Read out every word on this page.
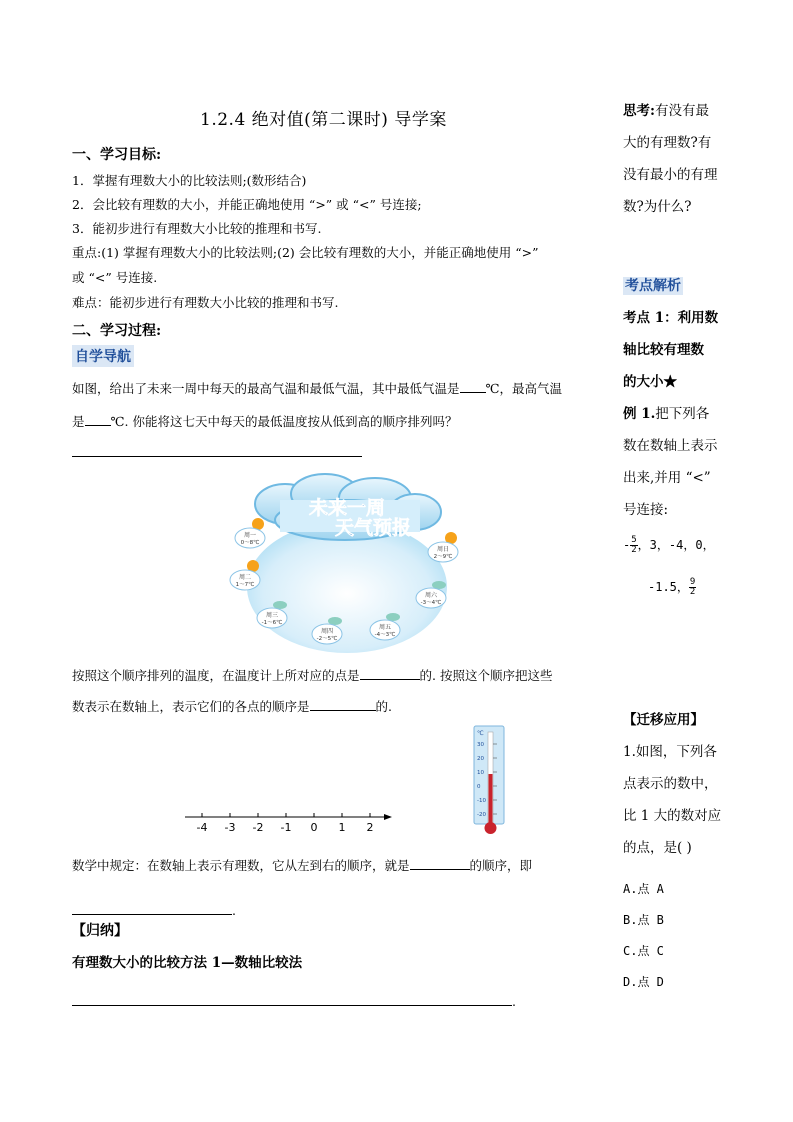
1.2.4 绝对值(第二课时) 导学案
一、学习目标:
1．掌握有理数大小的比较法则;(数形结合)
2．会比较有理数的大小，并能正确地使用 “>” 或 “<” 号连接;
3．能初步进行有理数大小比较的推理和书写.
重点:(1) 掌握有理数大小的比较法则;(2) 会比较有理数的大小，并能正确地使用 “>”
或 “<” 号连接.
难点：能初步进行有理数大小比较的推理和书写.
二、学习过程:
自学导航
如图，给出了未来一周中每天的最高气温和最低气温，其中最低气温是 ℃，最高气温
是 ℃. 你能将这七天中每天的最低温度按从低到高的顺序排列吗？
未来一周
天气预报
周一
0～8℃
周二
1～7℃
周三
-1～6℃
周四
-2～5℃
周五
-4～3℃
周六
-3～4℃
周日
2～9℃
按照这个顺序排列的温度，在温度计上所对应的点是	的. 按照这个顺序把这些
数表示在数轴上，表示它们的各点的顺序是	的.
-4 -3 -2 -1 0 1 2
℃
30
20
10
0
-10
-20
数学中规定：在数轴上表示有理数，它从左到右的顺序，就是	的顺序，即
.
【归纳】
有理数大小的比较方法 1—数轴比较法
.
思考:有没有最
大的有理数?有
没有最小的有理
数?为什么?
考点解析
考点 1：利用数
轴比较有理数
的大小★
例 1.把下列各
数在数轴上表示
出来,并用 “<”
号连接:
- $\frac{5}{2}$ ，3，-4，0，
-1.5， $\frac{9}{2}$
【迁移应用】
1.如图，下列各
点表示的数中，
比 1 大的数对应
的点，是( )
A.点 A
B.点 B
C.点 C
D.点 D
